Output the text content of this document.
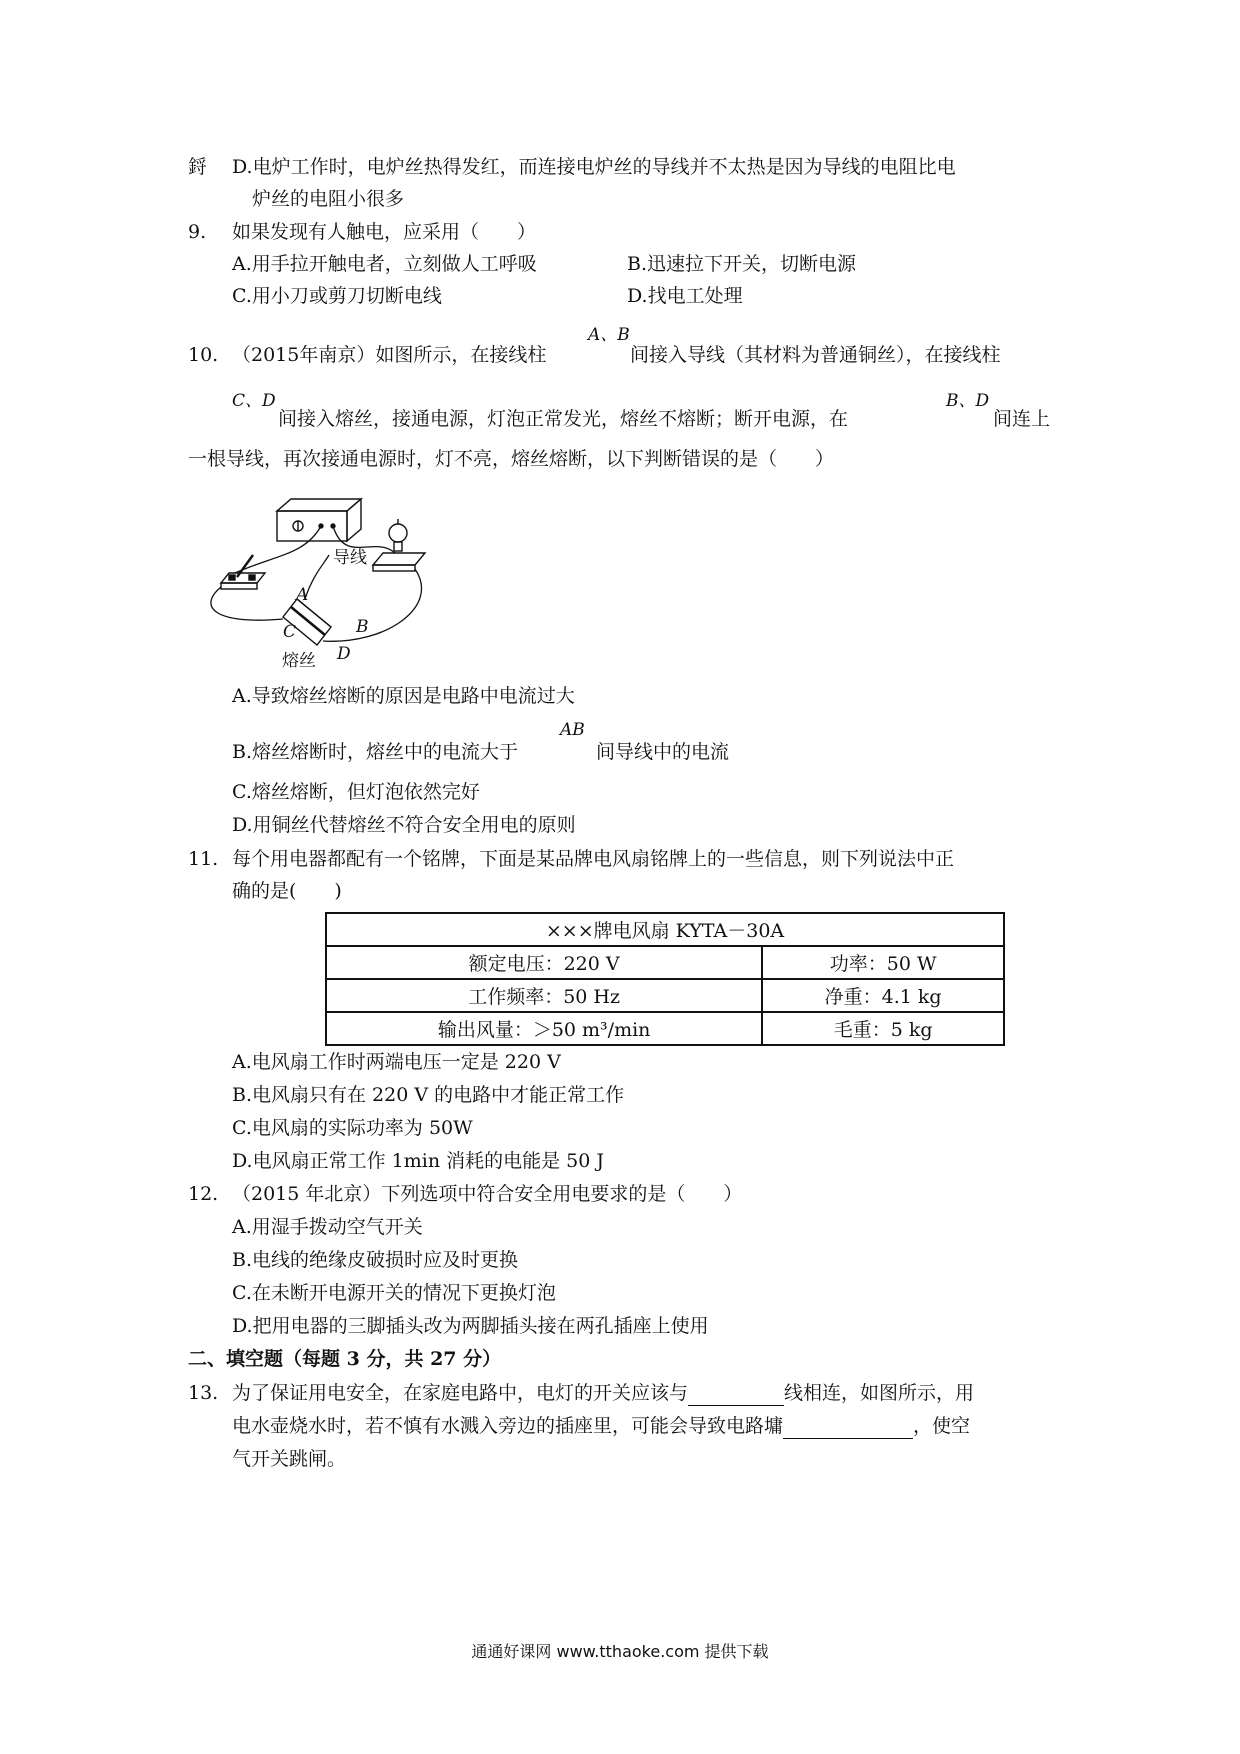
鋝 D.电炉工作时，电炉丝热得发红，而连接电炉丝的导线并不太热是因为导线的电阻比电
炉丝的电阻小很多
9. 如果发现有人触电，应采用（　　）
A.用手拉开触电者，立刻做人工呼吸	B.迅速拉下开关，切断电源
C.用小刀或剪刀切断电线	D.找电工处理
10. （2015年南京）如图所示，在接线柱
A、B
间接入导线（其材料为普通铜丝），在接线柱
C、D
间接入熔丝，接通电源，灯泡正常发光，熔丝不熔断；断开电源，在
B、D
间连上
一根导线，再次接通电源时，灯不亮，熔丝熔断，以下判断错误的是（　　）
导线
A
B
C
D
熔丝
A.导致熔丝熔断的原因是电路中电流过大
B.熔丝熔断时，熔丝中的电流大于
AB
间导线中的电流
C.熔丝熔断，但灯泡依然完好
D.用铜丝代替熔丝不符合安全用电的原则
11. 每个用电器都配有一个铭牌，下面是某品牌电风扇铭牌上的一些信息，则下列说法中正
确的是(　　)
×××牌电风扇 KYTA－30A	
额定电压：220 V	功率：50 W
工作频率：50 Hz	净重：4.1 kg
输出风量：＞50 m³/min	毛重：5 kg
A.电风扇工作时两端电压一定是 220 V
B.电风扇只有在 220 V 的电路中才能正常工作
C.电风扇的实际功率为 50W
D.电风扇正常工作 1min 消耗的电能是 50 J
12. （2015 年北京）下列选项中符合安全用电要求的是（　　）
A.用湿手拨动空气开关
B.电线的绝缘皮破损时应及时更换
C.在未断开电源开关的情况下更换灯泡
D.把用电器的三脚插头改为两脚插头接在两孔插座上使用
二、填空题（每题 3 分，共 27 分）
13. 为了保证用电安全，在家庭电路中，电灯的开关应该与	线相连，如图所示，用
电水壶烧水时，若不慎有水溅入旁边的插座里，可能会导致电路墉	，使空
气开关跳闸。
通通好课网 www.tthaoke.com 提供下载
